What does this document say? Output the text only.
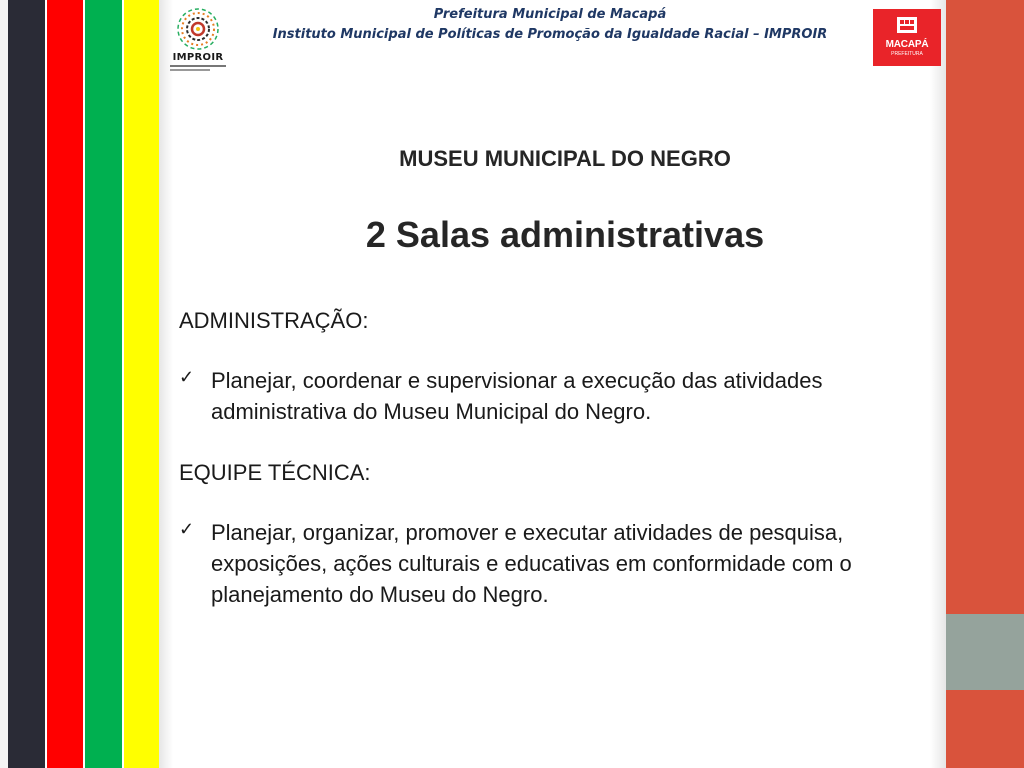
IMPROIR
Prefeitura Municipal de Macapá
Instituto Municipal de Políticas de Promoção da Igualdade Racial – IMPROIR
MACAPÁ
PREFEITURA
MUSEU MUNICIPAL DO NEGRO
2 Salas administrativas
ADMINISTRAÇÃO:
✓ Planejar, coordenar e supervisionar a execução das atividades administrativa do Museu Municipal do Negro.
EQUIPE TÉCNICA:
✓ Planejar, organizar, promover e executar atividades de pesquisa, exposições, ações culturais e educativas em conformidade com o planejamento do Museu do Negro.
